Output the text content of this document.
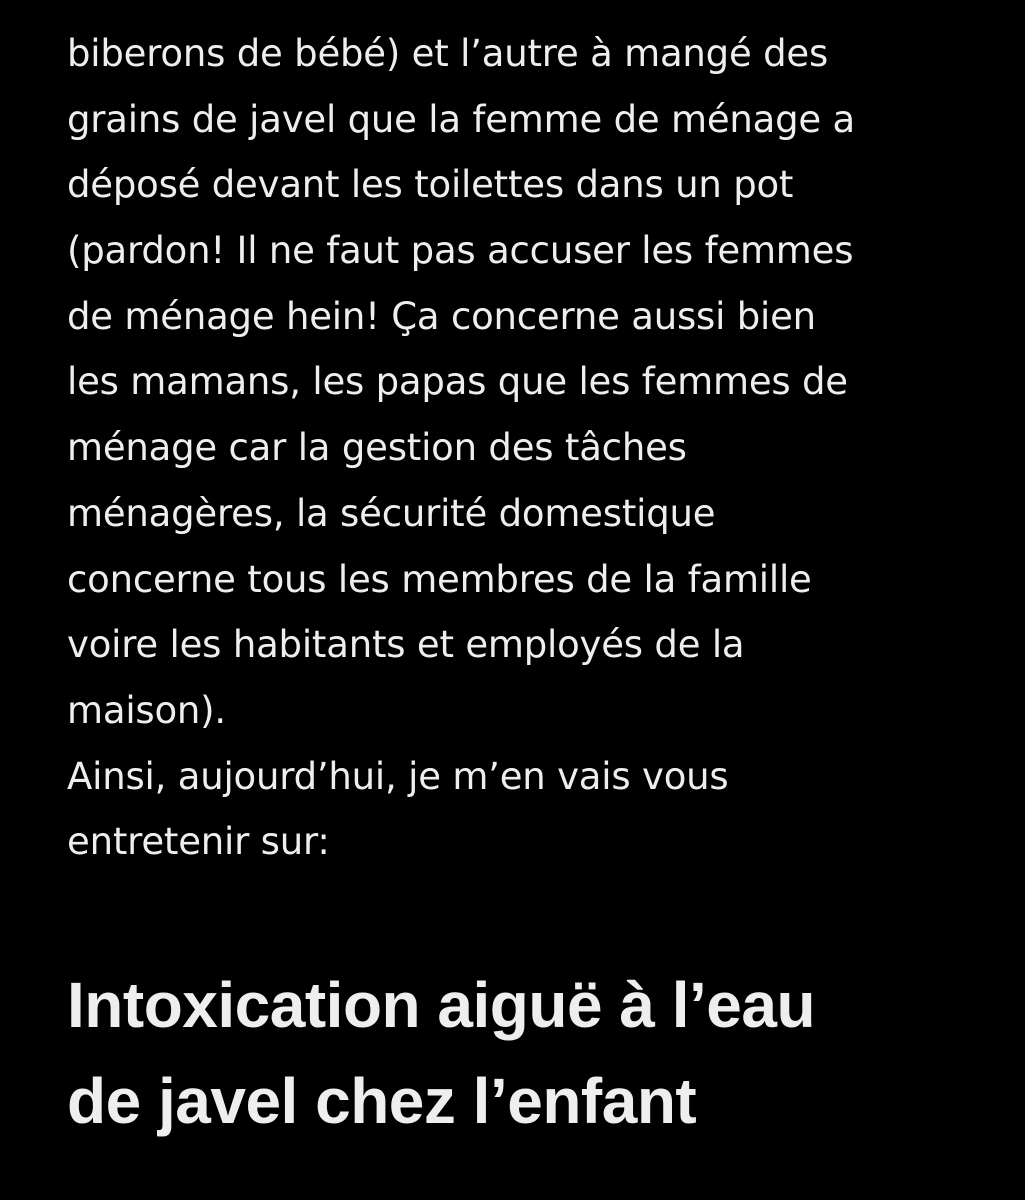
biberons de bébé) et l’autre à mangé des
grains de javel que la femme de ménage a
déposé devant les toilettes dans un pot
(pardon! Il ne faut pas accuser les femmes
de ménage hein! Ça concerne aussi bien
les mamans, les papas que les femmes de
ménage car la gestion des tâches
ménagères, la sécurité domestique
concerne tous les membres de la famille
voire les habitants et employés de la
maison).
Ainsi, aujourd’hui, je m’en vais vous
entretenir sur:
Intoxication aiguë à l’eau
de javel chez l’enfant
